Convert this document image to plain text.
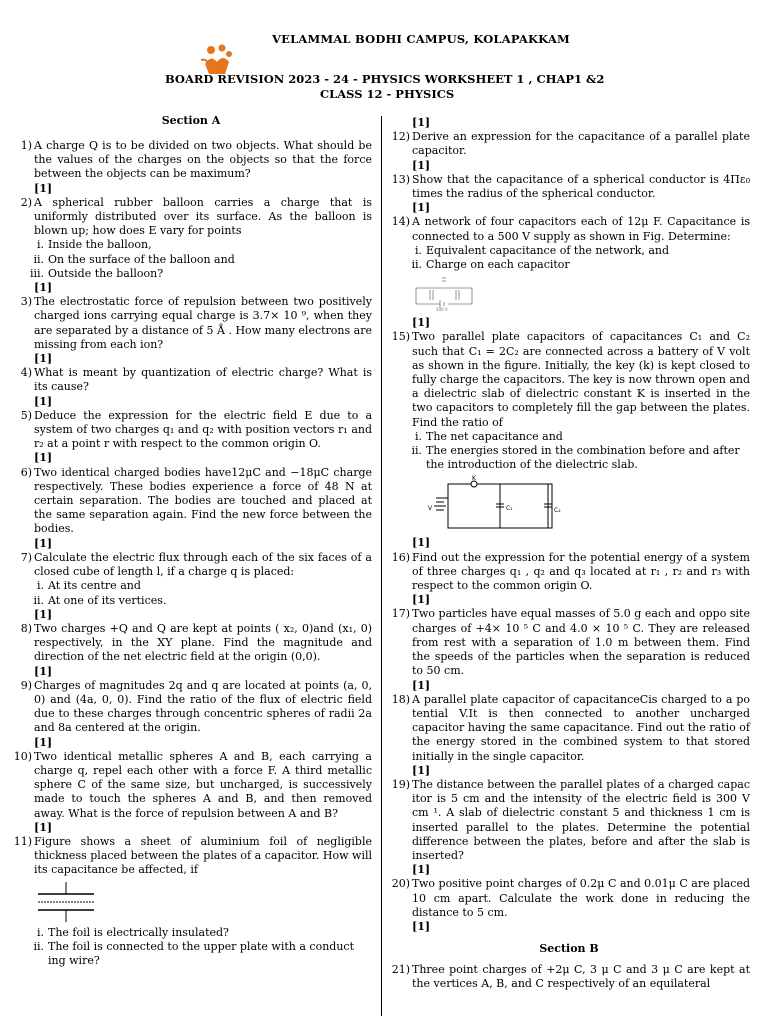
VELAMMAL BODHI CAMPUS, KOLAPAKKAM
BOARD REVISION 2023 - 24 - PHYSICS WORKSHEET 1 , CHAP1 &2
CLASS 12 - PHYSICS
Section A
1) A charge Q is to be divided on two objects. What should be the values of the charges on the objects so that the force between the objects can be maximum?
[1]
2) A spherical rubber balloon carries a charge that is uniformly distributed over its surface. As the balloon is blown up; how does E vary for points
i. Inside the balloon,
ii. On the surface of the balloon and
iii. Outside the balloon?
[1]
3) The electrostatic force of repulsion between two positively charged ions carrying equal charge is 3.7× 10 ⁹, when they are separated by a distance of 5 Å . How many electrons are missing from each ion?
[1]
4) What is meant by quantization of electric charge? What is its cause?
[1]
5) Deduce the expression for the electric field E due to a system of two charges q₁ and q₂ with position vectors r₁ and r₂ at a point r with respect to the common origin O.
[1]
6) Two identical charged bodies have12μC and −18μC charge respectively. These bodies experience a force of 48 N at certain separation. The bodies are touched and placed at the same separation again. Find the new force between the bodies.
[1]
7) Calculate the electric flux through each of the six faces of a closed cube of length l, if a charge q is placed:
i. At its centre and
ii. At one of its vertices.
[1]
8) Two charges +Q and Q are kept at points ( x₂, 0)and (x₁, 0) respectively, in the XY plane. Find the magnitude and direction of the net electric field at the origin (0,0).
[1]
9) Charges of magnitudes 2q and q are located at points (a, 0, 0) and (4a, 0, 0). Find the ratio of the flux of electric field due to these charges through concentric spheres of radii 2a and 8a centered at the origin.
[1]
10) Two identical metallic spheres A and B, each carrying a charge q, repel each other with a force F. A third metallic sphere C of the same size, but uncharged, is successively made to touch the spheres A and B, and then removed away. What is the force of repulsion between A and B?
[1]
11) Figure shows a sheet of aluminium foil of negligible thickness placed between the plates of a capacitor. How will its capacitance be affected, if
i. The foil is electrically insulated?
ii. The foil is connected to the upper plate with a conduct ing wire?
[1]
12) Derive an expression for the capacitance of a parallel plate capacitor.
[1]
13) Show that the capacitance of a spherical conductor is 4Πε₀ times the radius of the spherical conductor.
[1]
14) A network of four capacitors each of 12μ F. Capacitance is connected to a 500 V supply as shown in Fig. Determine:
i. Equivalent capacitance of the network, and
ii. Charge on each capacitor
500 V
[1]
15) Two parallel plate capacitors of capacitances C₁ and C₂ such that C₁ = 2C₂ are connected across a battery of V volt as shown in the figure. Initially, the key (k) is kept closed to fully charge the capacitors. The key is now thrown open and a dielectric slab of dielectric constant K is inserted in the two capacitors to completely fill the gap between the plates. Find the ratio of
i. The net capacitance and
ii. The energies stored in the combination before and after the introduction of the dielectric slab.
K
V	C₁	C₂
[1]
16) Find out the expression for the potential energy of a system of three charges q₁ , q₂ and q₃ located at r₁ , r₂ and r₃ with respect to the common origin O.
[1]
17) Two particles have equal masses of 5.0 g each and oppo site charges of +4× 10 ⁵ C and 4.0 × 10 ⁵ C. They are released from rest with a separation of 1.0 m between them. Find the speeds of the particles when the separation is reduced to 50 cm.
[1]
18) A parallel plate capacitor of capacitanceCis charged to a po tential V.It is then connected to another uncharged capacitor having the same capacitance. Find out the ratio of the energy stored in the combined system to that stored initially in the single capacitor.
[1]
19) The distance between the parallel plates of a charged capac itor is 5 cm and the intensity of the electric field is 300 V cm ¹. A slab of dielectric constant 5 and thickness 1 cm is inserted parallel to the plates. Determine the potential difference between the plates, before and after the slab is inserted?
[1]
20) Two positive point charges of 0.2μ C and 0.01μ C are placed 10 cm apart. Calculate the work done in reducing the distance to 5 cm.
[1]
Section B
21) Three point charges of +2μ C, 3 μ C and 3 μ C are kept at the vertices A, B, and C respectively of an equilateral
